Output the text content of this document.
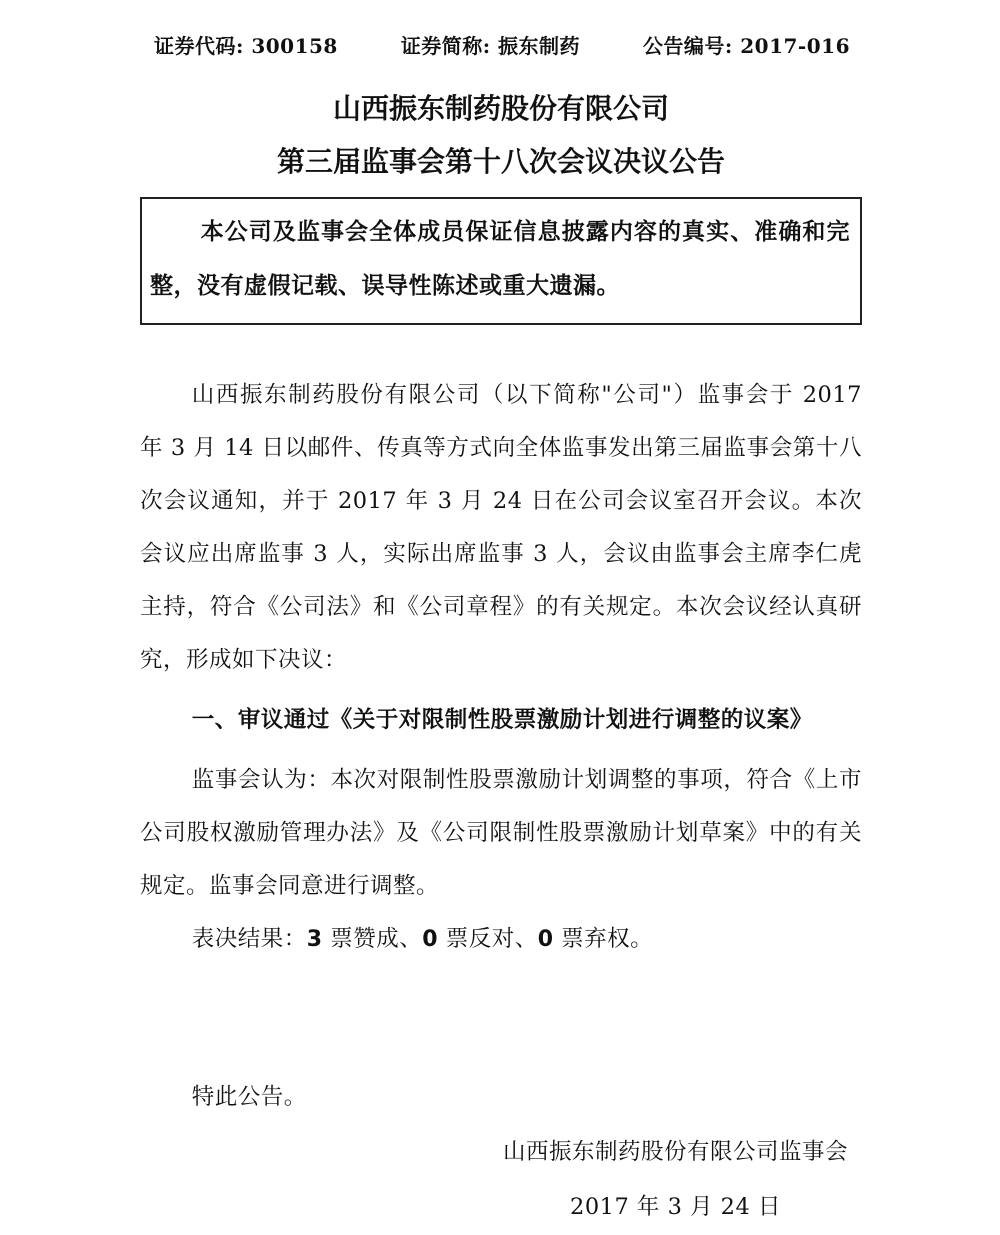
证券代码: 300158	证券简称: 振东制药	公告编号: 2017-016
山西振东制药股份有限公司
第三届监事会第十八次会议决议公告

本公司及监事会全体成员保证信息披露内容的真实、准确和完整，没有虚假记载、误导性陈述或重大遗漏。

山西振东制药股份有限公司（以下简称"公司"）监事会于 2017 年 3 月 14 日以邮件、传真等方式向全体监事发出第三届监事会第十八次会议通知，并于 2017 年 3 月 24 日在公司会议室召开会议。本次会议应出席监事 3 人，实际出席监事 3 人，会议由监事会主席李仁虎主持，符合《公司法》和《公司章程》的有关规定。本次会议经认真研究，形成如下决议：

一、审议通过《关于对限制性股票激励计划进行调整的议案》

监事会认为：本次对限制性股票激励计划调整的事项，符合《上市公司股权激励管理办法》及《公司限制性股票激励计划草案》中的有关规定。监事会同意进行调整。

表决结果：3 票赞成、0 票反对、0 票弃权。

特此公告。

山西振东制药股份有限公司监事会

2017 年 3 月 24 日
